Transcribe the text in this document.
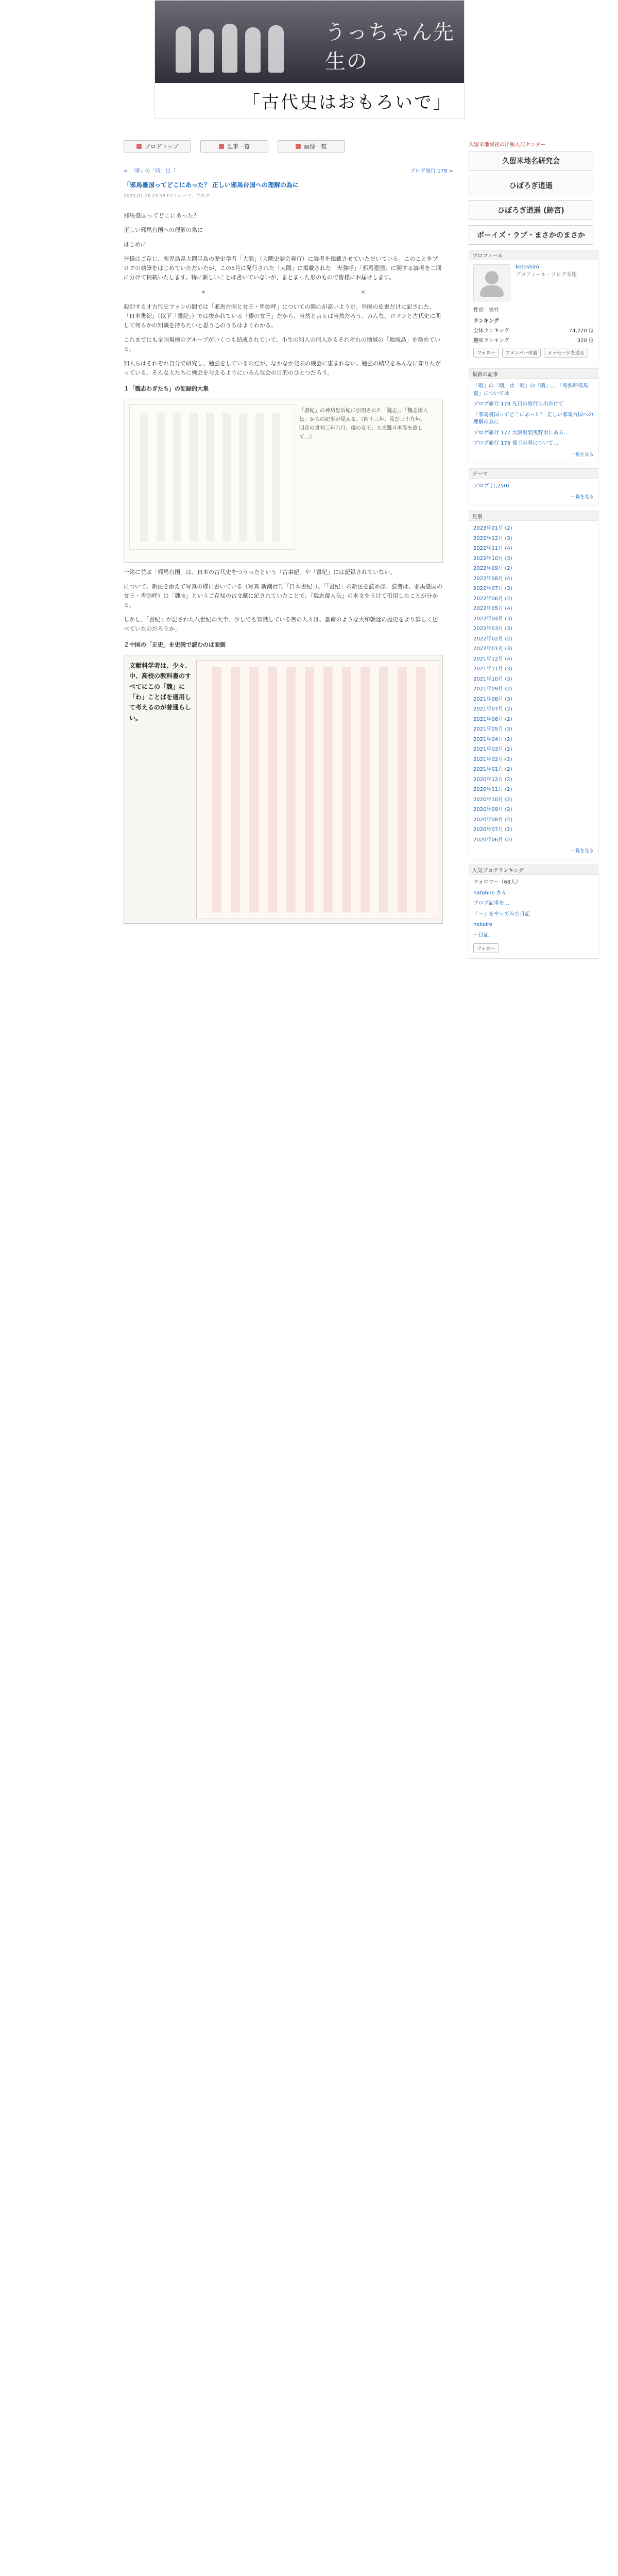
うっちゃん先生の
「古代史はおもろいで」
ブログトップ	記事一覧	画像一覧
< 「晴」の「晴」は「	ブログ旅行 179 >
「邪馬臺国ってどこにあった？ 正しい邪馬台国への理解の為に
2023-01-16 23:58:07 / テーマ：ブログ
邪馬臺国ってどこにあった？
正しい邪馬台国への理解の為に
はじめに
皆様はご存じ、鹿児島県大隅半島の歴史学者「大隅」（大隅史談会発行）に論考を掲載させていただいている。このことをブログの執筆をはじめていただいたが、この5月に発行された「大隅」に掲載された「卑弥呼」「邪馬臺国」に関する論考を二回に分けて掲載いたします。特に新しいことは書いていないが、まとまった形のもので皆様にお届けします。
×	×
殺到する才古代史ファンの間では「邪馬台国と女王・卑弥呼」についての関心が高いようだ。外国の史書だけに記された、「日本書紀」（以下「書紀」）では抜かれている「倭の女王」だから、当然と言えば当然だろう。みんな、ロマンと古代史に関して何らかの知識を持ちたいと思う心のうちはよくわかる。
これまでにも全国規模のグループがいくつも結成されていて、小生の知人の何人かもそれぞれの地域の「地域島」を務めている。
知人らはそれぞれ自分で研究し、勉強をしているのだが、なかなか発表の機会に恵まれない。勉強の結果をみんなに知りたがっている。そんな人たちに機会を与えるようにいろんな会の目的のひとつだろう。
１「魏志わぎたち」の記録的大集
「書紀」の神功皇后紀に引用された「魏志」、「魏志倭人伝」からの記事が見える。（四十三年、及び三十九年、明帝の景初三年六月、倭の女王、大夫難斗米等を遣して…）
一緒に並ぶ「邪馬台国」は、日本の古代史をつうったという「古事記」や「書紀」には記録されていない。
について、新注を添えて写真の様に書いている（写真 新潮社刊「日本書紀」）。「「書紀」の新注を読めば、読者は、邪馬臺国の女王・卑弥呼）は「魏志」というご存知の古文献に記されていたことで、『魏志倭人伝』の本文をうけて引用したことが分かる。
しかし、「書紀」が記された八世紀の大半、少しでも知識している筈の人々は、雲南のような大和朝廷の歴史をより詳しく述べていたのだろうか。
２中国の「正史」を史読で読むのは面倒
文献科学者は、少々、中、高校の教科書のすべてにこの「魏」に「わ」ことばを適用して考えるのが普通らしい。
久留米地域初の出張入試センター
久留米地名研究会
ひぼろぎ逍遥
ひぼろぎ逍遥 (跡宮)
ボーイズ・ラブ・まさかのまさか
プロフィール
kotoshiro
プロフィール・ブログ本題
性別：男性
ランキング
全体ランキング	74,220 位
趣味ランキング	320 位
フォロー	アメンバー申請	メッセージを送る
最新の記事
「晴」の「晴」は「晴」の「晴」… 「卑弥呼邪馬臺」については
ブログ旅行 179 先日の旅行に出かけて
「邪馬臺国ってどこにあった？ 正しい邪馬台国への理解の為に
ブログ旅行 177 大阪府羽曳野市にある…
ブログ旅行 176 倭王の墓について…
一覧を見る
テーマ
ブログ (1,250)
一覧を見る
月別
2023年01月 (2)
2022年12月 (3)
2022年11月 (4)
2022年10月 (3)
2022年09月 (2)
2022年08月 (4)
2022年07月 (3)
2022年06月 (2)
2022年05月 (4)
2022年04月 (3)
2022年03月 (3)
2022年02月 (2)
2022年01月 (3)
2021年12月 (4)
2021年11月 (3)
2021年10月 (3)
2021年09月 (2)
2021年08月 (3)
2021年07月 (2)
2021年06月 (2)
2021年05月 (3)
2021年04月 (2)
2021年03月 (2)
2021年02月 (2)
2021年01月 (2)
2020年12月 (2)
2020年11月 (2)
2020年10月 (2)
2020年09月 (2)
2020年08月 (2)
2020年07月 (2)
2020年06月 (2)
一覧を見る
人気ブログランキング
フォロワー（68人）
hatohiro さん
ブログ記事を…
「〜」をやってみた日記
nekoiro
〜日記
フォロー
